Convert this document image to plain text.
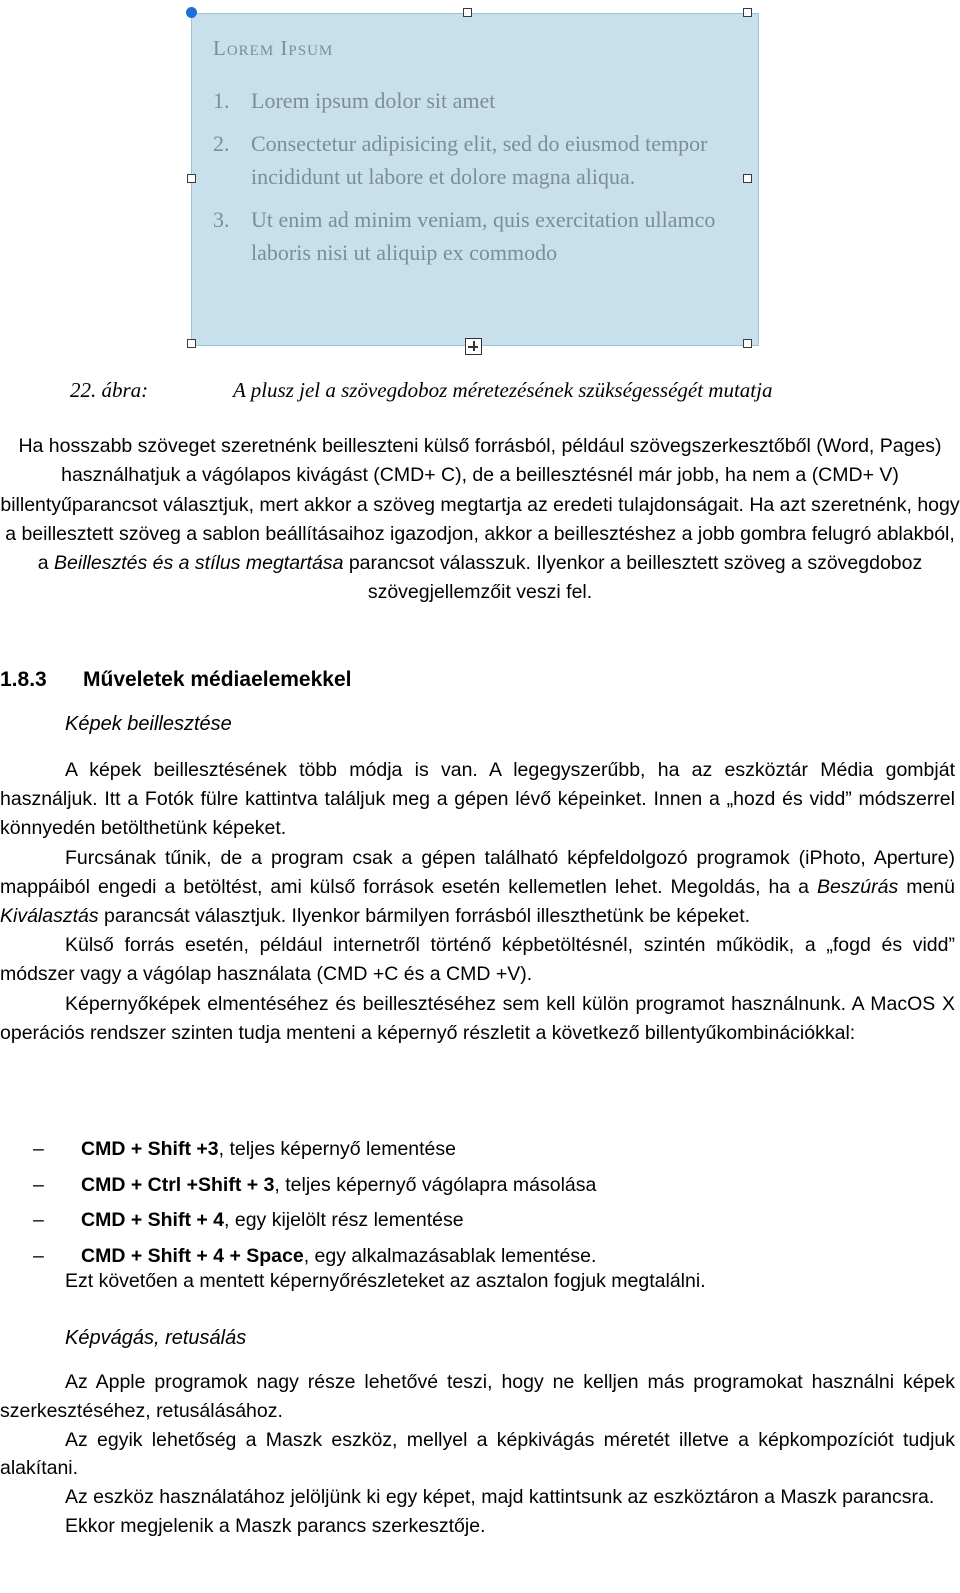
Lorem Ipsum
1. Lorem ipsum dolor sit amet
2. Consectetur adipisicing elit, sed do eiusmod tempor incididunt ut labore et dolore magna aliqua.
3. Ut enim ad minim veniam, quis exercitation ullamco laboris nisi ut aliquip ex commodo
22. ábra:	A plusz jel a szövegdoboz méretezésének szükségességét mutatja
Ha hosszabb szöveget szeretnénk beilleszteni külső forrásból, például szövegszerkesztőből (Word, Pages) használhatjuk a vágólapos kivágást (CMD+ C), de a beillesztésnél már jobb, ha nem a (CMD+ V) billentyűparancsot választjuk, mert akkor a szöveg megtartja az eredeti tulajdonságait. Ha azt szeretnénk, hogy a beillesztett szöveg a sablon beállításaihoz igazodjon, akkor a beillesztéshez a jobb gombra felugró ablakból, a Beillesztés és a stílus megtartása parancsot válasszuk. Ilyenkor a beillesztett szöveg a szövegdoboz szövegjellemzőit veszi fel.
1.8.3 Műveletek médiaelemekkel
Képek beillesztése

A képek beillesztésének több módja is van. A legegyszerűbb, ha az eszköztár Média gombját használjuk. Itt a Fotók fülre kattintva találjuk meg a gépen lévő képeinket. Innen a „hozd és vidd” módszerrel könnyedén betölthetünk képeket.

Furcsának tűnik, de a program csak a gépen található képfeldolgozó programok (iPhoto, Aperture) mappáiból engedi a betöltést, ami külső források esetén kellemetlen lehet. Megoldás, ha a Beszúrás menü Kiválasztás parancsát választjuk. Ilyenkor bármilyen forrásból illeszthetünk be képeket.

Külső forrás esetén, például internetről történő képbetöltésnél, szintén működik, a „fogd és vidd” módszer vagy a vágólap használata (CMD +C és a CMD +V).

Képernyőképek elmentéséhez és beillesztéséhez sem kell külön programot használnunk. A MacOS X operációs rendszer szinten tudja menteni a képernyő részletit a következő billentyűkombinációkkal:

– CMD + Shift +3, teljes képernyő lementése
– CMD + Ctrl +Shift + 3, teljes képernyő vágólapra másolása
– CMD + Shift + 4, egy kijelölt rész lementése
– CMD + Shift + 4 + Space, egy alkalmazásablak lementése.
Ezt követően a mentett képernyőrészleteket az asztalon fogjuk megtalálni.
Képvágás, retusálás

Az Apple programok nagy része lehetővé teszi, hogy ne kelljen más programokat használni képek szerkesztéséhez, retusálásához.

Az egyik lehetőség a Maszk eszköz, mellyel a képkivágás méretét illetve a képkompozíciót tudjuk alakítani.

Az eszköz használatához jelöljünk ki egy képet, majd kattintsunk az eszköztáron a Maszk parancsra.

Ekkor megjelenik a Maszk parancs szerkesztője.
